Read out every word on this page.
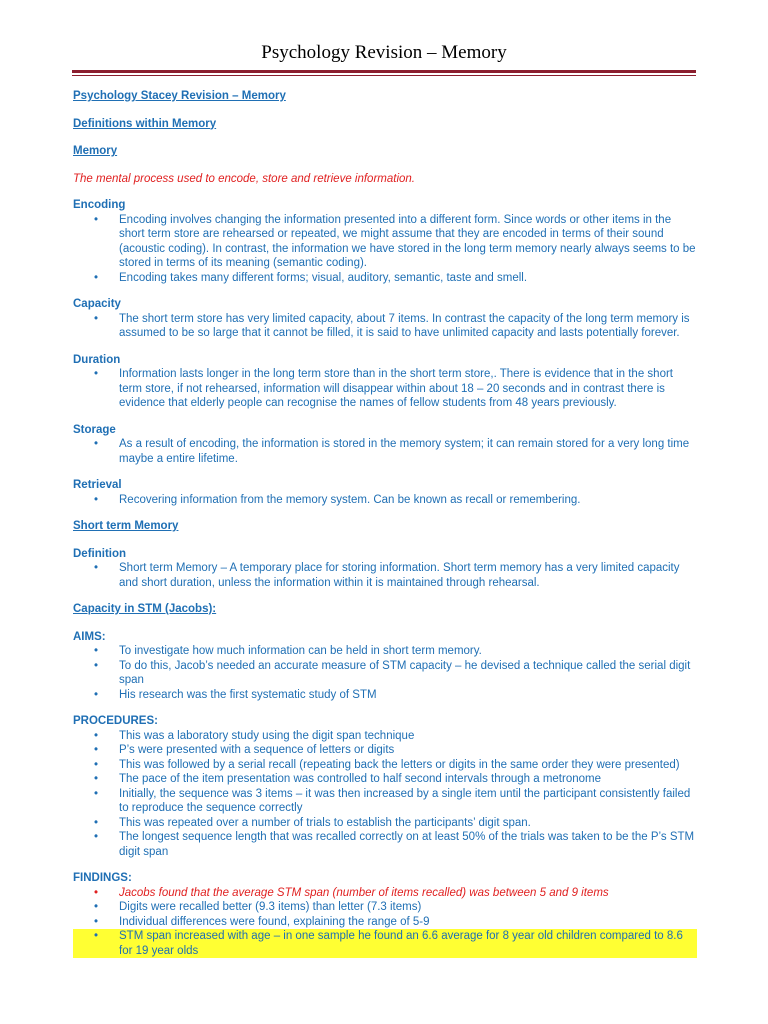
Psychology Revision – Memory

Psychology Stacey Revision – Memory

Definitions within Memory

Memory

The mental process used to encode, store and retrieve information.

Encoding

• Encoding involves changing the information presented into a different form. Since words or other items in the short term store are rehearsed or repeated, we might assume that they are encoded in terms of their sound (acoustic coding). In contrast, the information we have stored in the long term memory nearly always seems to be stored in terms of its meaning (semantic coding).
• Encoding takes many different forms; visual, auditory, semantic, taste and smell.

Capacity

• The short term store has very limited capacity, about 7 items. In contrast the capacity of the long term memory is assumed to be so large that it cannot be filled, it is said to have unlimited capacity and lasts potentially forever.

Duration

• Information lasts longer in the long term store than in the short term store,. There is evidence that in the short term store, if not rehearsed, information will disappear within about 18 – 20 seconds and in contrast there is evidence that elderly people can recognise the names of fellow students from 48 years previously.

Storage

• As a result of encoding, the information is stored in the memory system; it can remain stored for a very long time maybe a entire lifetime.

Retrieval

• Recovering information from the memory system. Can be known as recall or remembering.

Short term Memory

Definition

• Short term Memory – A temporary place for storing information. Short term memory has a very limited capacity and short duration, unless the information within it is maintained through rehearsal.

Capacity in STM (Jacobs):

AIMS:

• To investigate how much information can be held in short term memory.
• To do this, Jacob’s needed an accurate measure of STM capacity – he devised a technique called the serial digit span
• His research was the first systematic study of STM

PROCEDURES:

• This was a laboratory study using the digit span technique
• P’s were presented with a sequence of letters or digits
• This was followed by a serial recall (repeating back the letters or digits in the same order they were presented)
• The pace of the item presentation was controlled to half second intervals through a metronome
• Initially, the sequence was 3 items – it was then increased by a single item until the participant consistently failed to reproduce the sequence correctly
• This was repeated over a number of trials to establish the participants’ digit span.
• The longest sequence length that was recalled correctly on at least 50% of the trials was taken to be the P’s STM digit span

FINDINGS:

• Jacobs found that the average STM span (number of items recalled) was between 5 and 9 items
• Digits were recalled better (9.3 items) than letter (7.3 items)
• Individual differences were found, explaining the range of 5-9
• STM span increased with age – in one sample he found an 6.6 average for 8 year old children compared to 8.6 for 19 year olds
